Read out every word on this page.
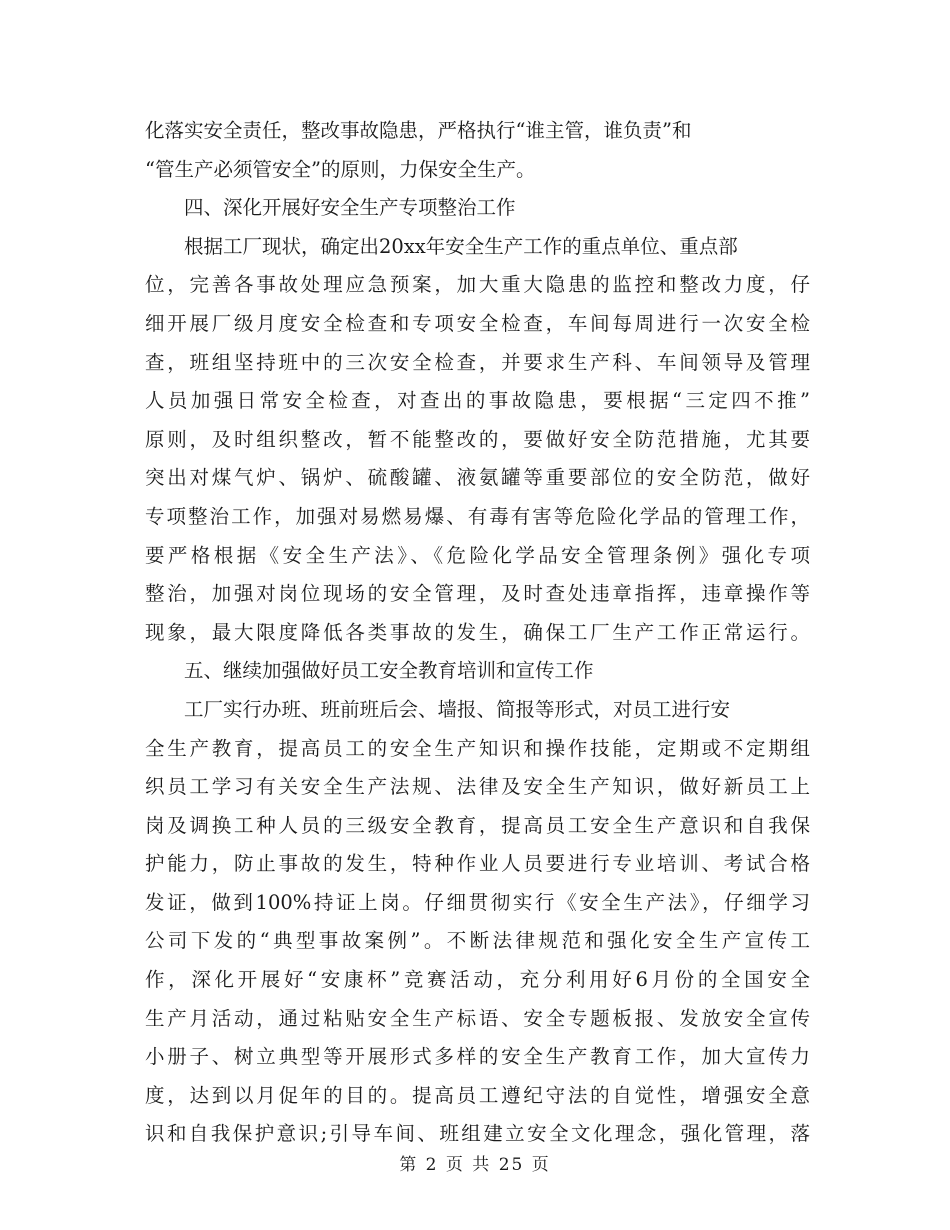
化落实安全责任，整改事故隐患，严格执行“谁主管，谁负责”和
“管生产必须管安全”的原则，力保安全生产。
四、深化开展好安全生产专项整治工作
根据工厂现状，确定出20xx年安全生产工作的重点单位、重点部
位，完善各事故处理应急预案，加大重大隐患的监控和整改力度，仔
细开展厂级月度安全检查和专项安全检查，车间每周进行一次安全检
查，班组坚持班中的三次安全检查，并要求生产科、车间领导及管理
人员加强日常安全检查，对查出的事故隐患，要根据“三定四不推”
原则，及时组织整改，暂不能整改的，要做好安全防范措施，尤其要
突出对煤气炉、锅炉、硫酸罐、液氨罐等重要部位的安全防范，做好
专项整治工作，加强对易燃易爆、有毒有害等危险化学品的管理工作，
要严格根据《安全生产法》、《危险化学品安全管理条例》强化专项
整治，加强对岗位现场的安全管理，及时查处违章指挥，违章操作等
现象，最大限度降低各类事故的发生，确保工厂生产工作正常运行。
五、继续加强做好员工安全教育培训和宣传工作
工厂实行办班、班前班后会、墙报、简报等形式，对员工进行安
全生产教育，提高员工的安全生产知识和操作技能，定期或不定期组
织员工学习有关安全生产法规、法律及安全生产知识，做好新员工上
岗及调换工种人员的三级安全教育，提高员工安全生产意识和自我保
护能力，防止事故的发生，特种作业人员要进行专业培训、考试合格
发证，做到100%持证上岗。仔细贯彻实行《安全生产法》，仔细学习
公司下发的“典型事故案例”。不断法律规范和强化安全生产宣传工
作，深化开展好“安康杯”竞赛活动，充分利用好6月份的全国安全
生产月活动，通过粘贴安全生产标语、安全专题板报、发放安全宣传
小册子、树立典型等开展形式多样的安全生产教育工作，加大宣传力
度，达到以月促年的目的。提高员工遵纪守法的自觉性，增强安全意
识和自我保护意识;引导车间、班组建立安全文化理念，强化管理，落
第 2 页 共 25 页
